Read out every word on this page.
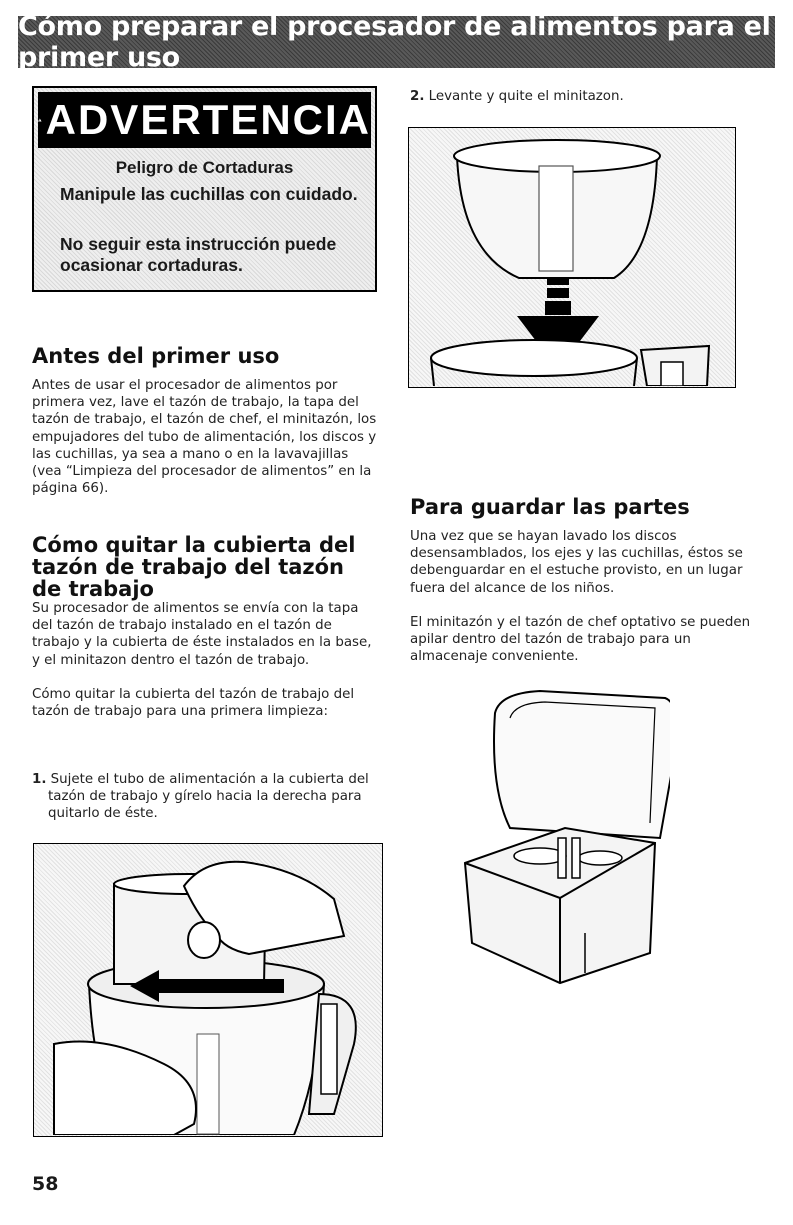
Cómo preparar el procesador de alimentos para el primer uso
ADVERTENCIA
Peligro de Cortaduras
Manipule las cuchillas con cuidado.
No seguir esta instrucción puede ocasionar cortaduras.
Antes del primer uso

Antes de usar el procesador de alimentos por primera vez, lave el tazón de trabajo, la tapa del tazón de trabajo, el tazón de chef, el minitazón, los empujadores del tubo de alimentación, los discos y las cuchillas, ya sea a mano o en la lavavajillas (vea “Limpieza del procesador de alimentos” en la página 66).

Cómo quitar la cubierta del tazón de trabajo del tazón de trabajo

Su procesador de alimentos se envía con la tapa del tazón de trabajo instalado en el tazón de trabajo y la cubierta de éste instalados en la base, y el minitazon dentro el tazón de trabajo.

Cómo quitar la cubierta del tazón de trabajo del tazón de trabajo para una primera limpieza:

1. Sujete el tubo de alimentación a la cubierta del tazón de trabajo y gírelo hacia la derecha para quitarlo de éste.

2. Levante y quite el minitazon.

Para guardar las partes

Una vez que se hayan lavado los discos desensamblados, los ejes y las cuchillas, éstos se debenguardar en el estuche provisto, en un lugar fuera del alcance de los niños.

El minitazón y el tazón de chef optativo se pueden apilar dentro del tazón de trabajo para un almacenaje conveniente.

58
